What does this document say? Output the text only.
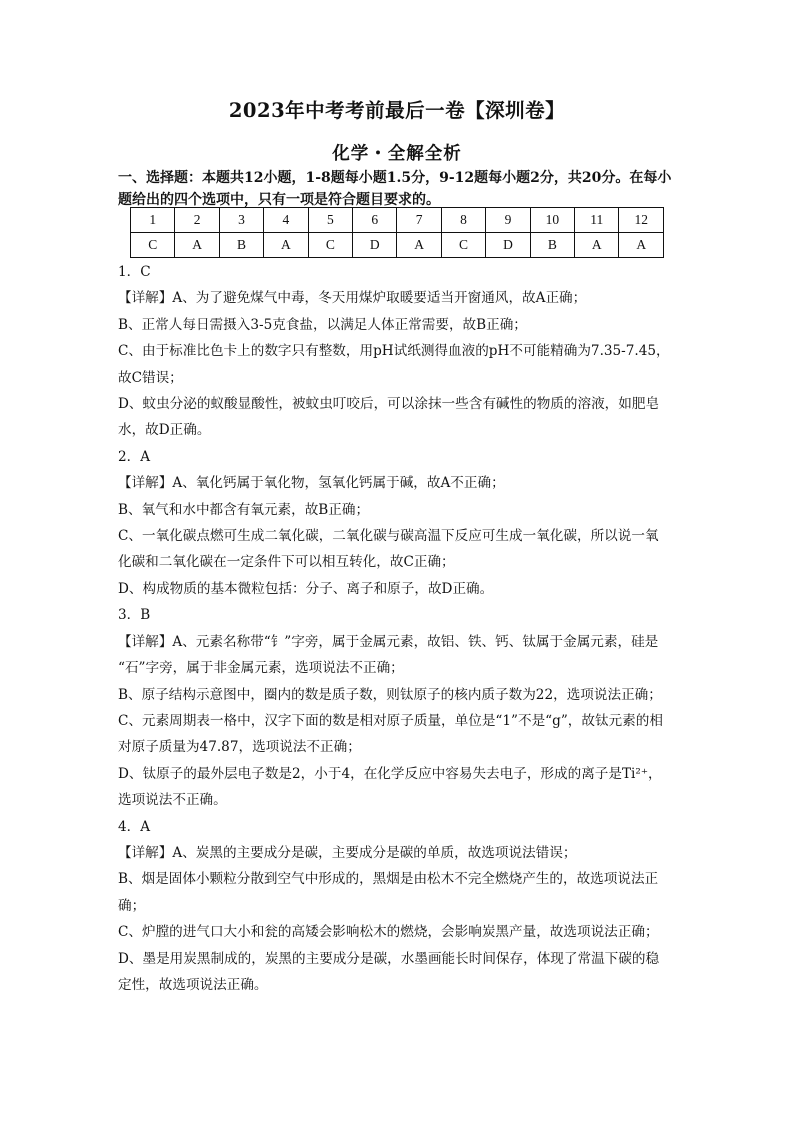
2023年中考考前最后一卷【深圳卷】
化学・全解全析
一、选择题：本题共12小题，1-8题每小题1.5分，9-12题每小题2分，共20分。在每小题给出的四个选项中，只有一项是符合题目要求的。
1	2	3	4	5	6	7	8	9	10	11	12
C	A	B	A	C	D	A	C	D	B	A	A

1．C

【详解】A、为了避免煤气中毒，冬天用煤炉取暖要适当开窗通风，故A正确；

B、正常人每日需摄入3-5克食盐，以满足人体正常需要，故B正确；

C、由于标准比色卡上的数字只有整数，用pH试纸测得血液的pH不可能精确为7.35-7.45，

故C错误；

D、蚊虫分泌的蚁酸显酸性，被蚊虫叮咬后，可以涂抹一些含有碱性的物质的溶液，如肥皂

水，故D正确。

2．A

【详解】A、氧化钙属于氧化物，氢氧化钙属于碱，故A不正确；

B、氧气和水中都含有氧元素，故B正确；

C、一氧化碳点燃可生成二氧化碳，二氧化碳与碳高温下反应可生成一氧化碳，所以说一氧

化碳和二氧化碳在一定条件下可以相互转化，故C正确；

D、构成物质的基本微粒包括：分子、离子和原子，故D正确。

3．B

【详解】A、元素名称带“钅”字旁，属于金属元素，故铝、铁、钙、钛属于金属元素，硅是

“石”字旁，属于非金属元素，选项说法不正确；

B、原子结构示意图中，圈内的数是质子数，则钛原子的核内质子数为22，选项说法正确；

C、元素周期表一格中，汉字下面的数是相对原子质量，单位是“1”不是“g”，故钛元素的相

对原子质量为47.87，选项说法不正确；

D、钛原子的最外层电子数是2，小于4，在化学反应中容易失去电子，形成的离子是Ti²⁺，

选项说法不正确。

4．A

【详解】A、炭黑的主要成分是碳，主要成分是碳的单质，故选项说法错误；

B、烟是固体小颗粒分散到空气中形成的，黑烟是由松木不完全燃烧产生的，故选项说法正

确；

C、炉膛的进气口大小和瓮的高矮会影响松木的燃烧，会影响炭黑产量，故选项说法正确；

D、墨是用炭黑制成的，炭黑的主要成分是碳，水墨画能长时间保存，体现了常温下碳的稳

定性，故选项说法正确。
